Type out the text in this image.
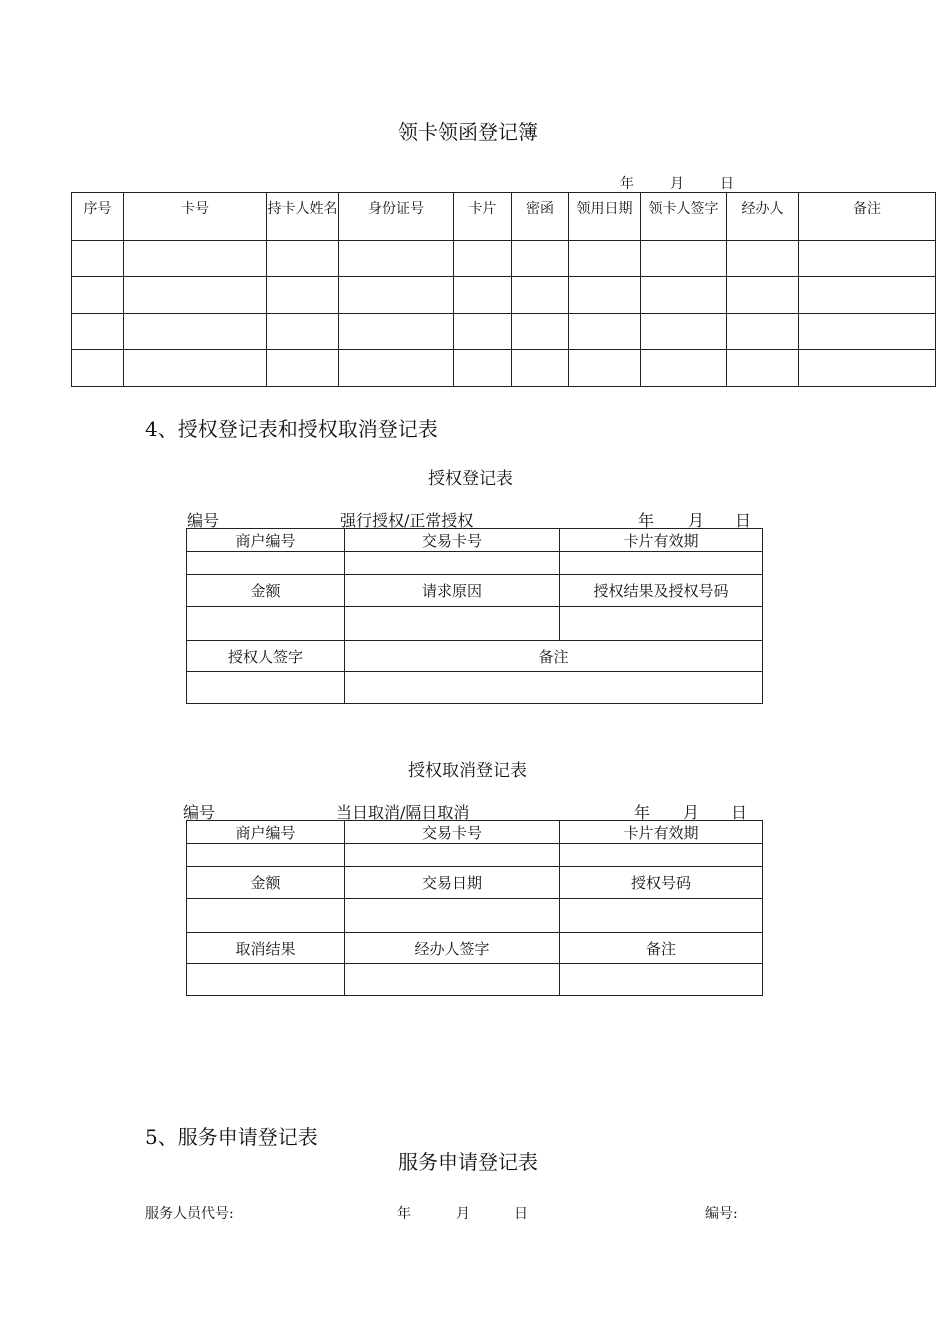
领卡领函登记簿
年	月	日
序号	卡号	持卡人姓名	身份证号	卡片	密函	领用日期	领卡人签字	经办人	备注

4、授权登记表和授权取消登记表
授权登记表
编号	强行授权/正常授权	年 月 日
商户编号	交易卡号	卡片有效期

金额	请求原因	授权结果及授权号码

授权人签字	备注	

授权取消登记表
编号	当日取消/隔日取消	年 月 日
商户编号	交易卡号	卡片有效期

金额	交易日期	授权号码

取消结果	经办人签字	备注

5、服务申请登记表
服务申请登记表
服务人员代号:	年	月	日	编号:
